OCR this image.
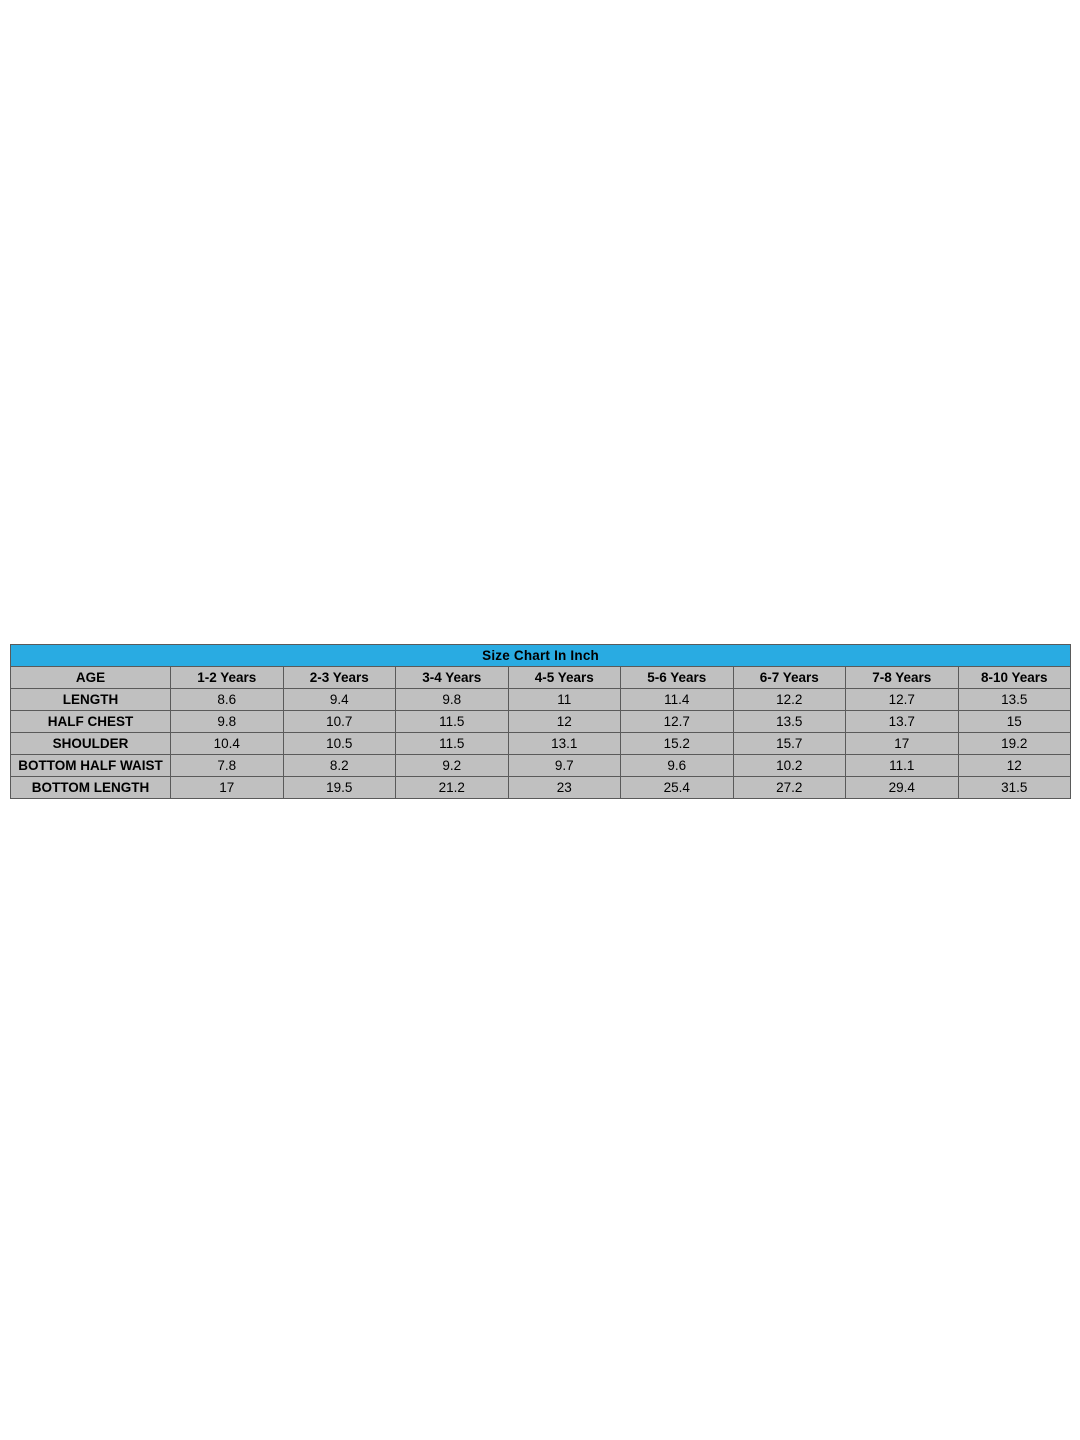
Size Chart In Inch								
AGE	1-2 Years	2-3 Years	3-4 Years	4-5 Years	5-6 Years	6-7 Years	7-8 Years	8-10 Years
LENGTH	8.6	9.4	9.8	11	11.4	12.2	12.7	13.5
HALF CHEST	9.8	10.7	11.5	12	12.7	13.5	13.7	15
SHOULDER	10.4	10.5	11.5	13.1	15.2	15.7	17	19.2
BOTTOM HALF WAIST	7.8	8.2	9.2	9.7	9.6	10.2	11.1	12
BOTTOM LENGTH	17	19.5	21.2	23	25.4	27.2	29.4	31.5
